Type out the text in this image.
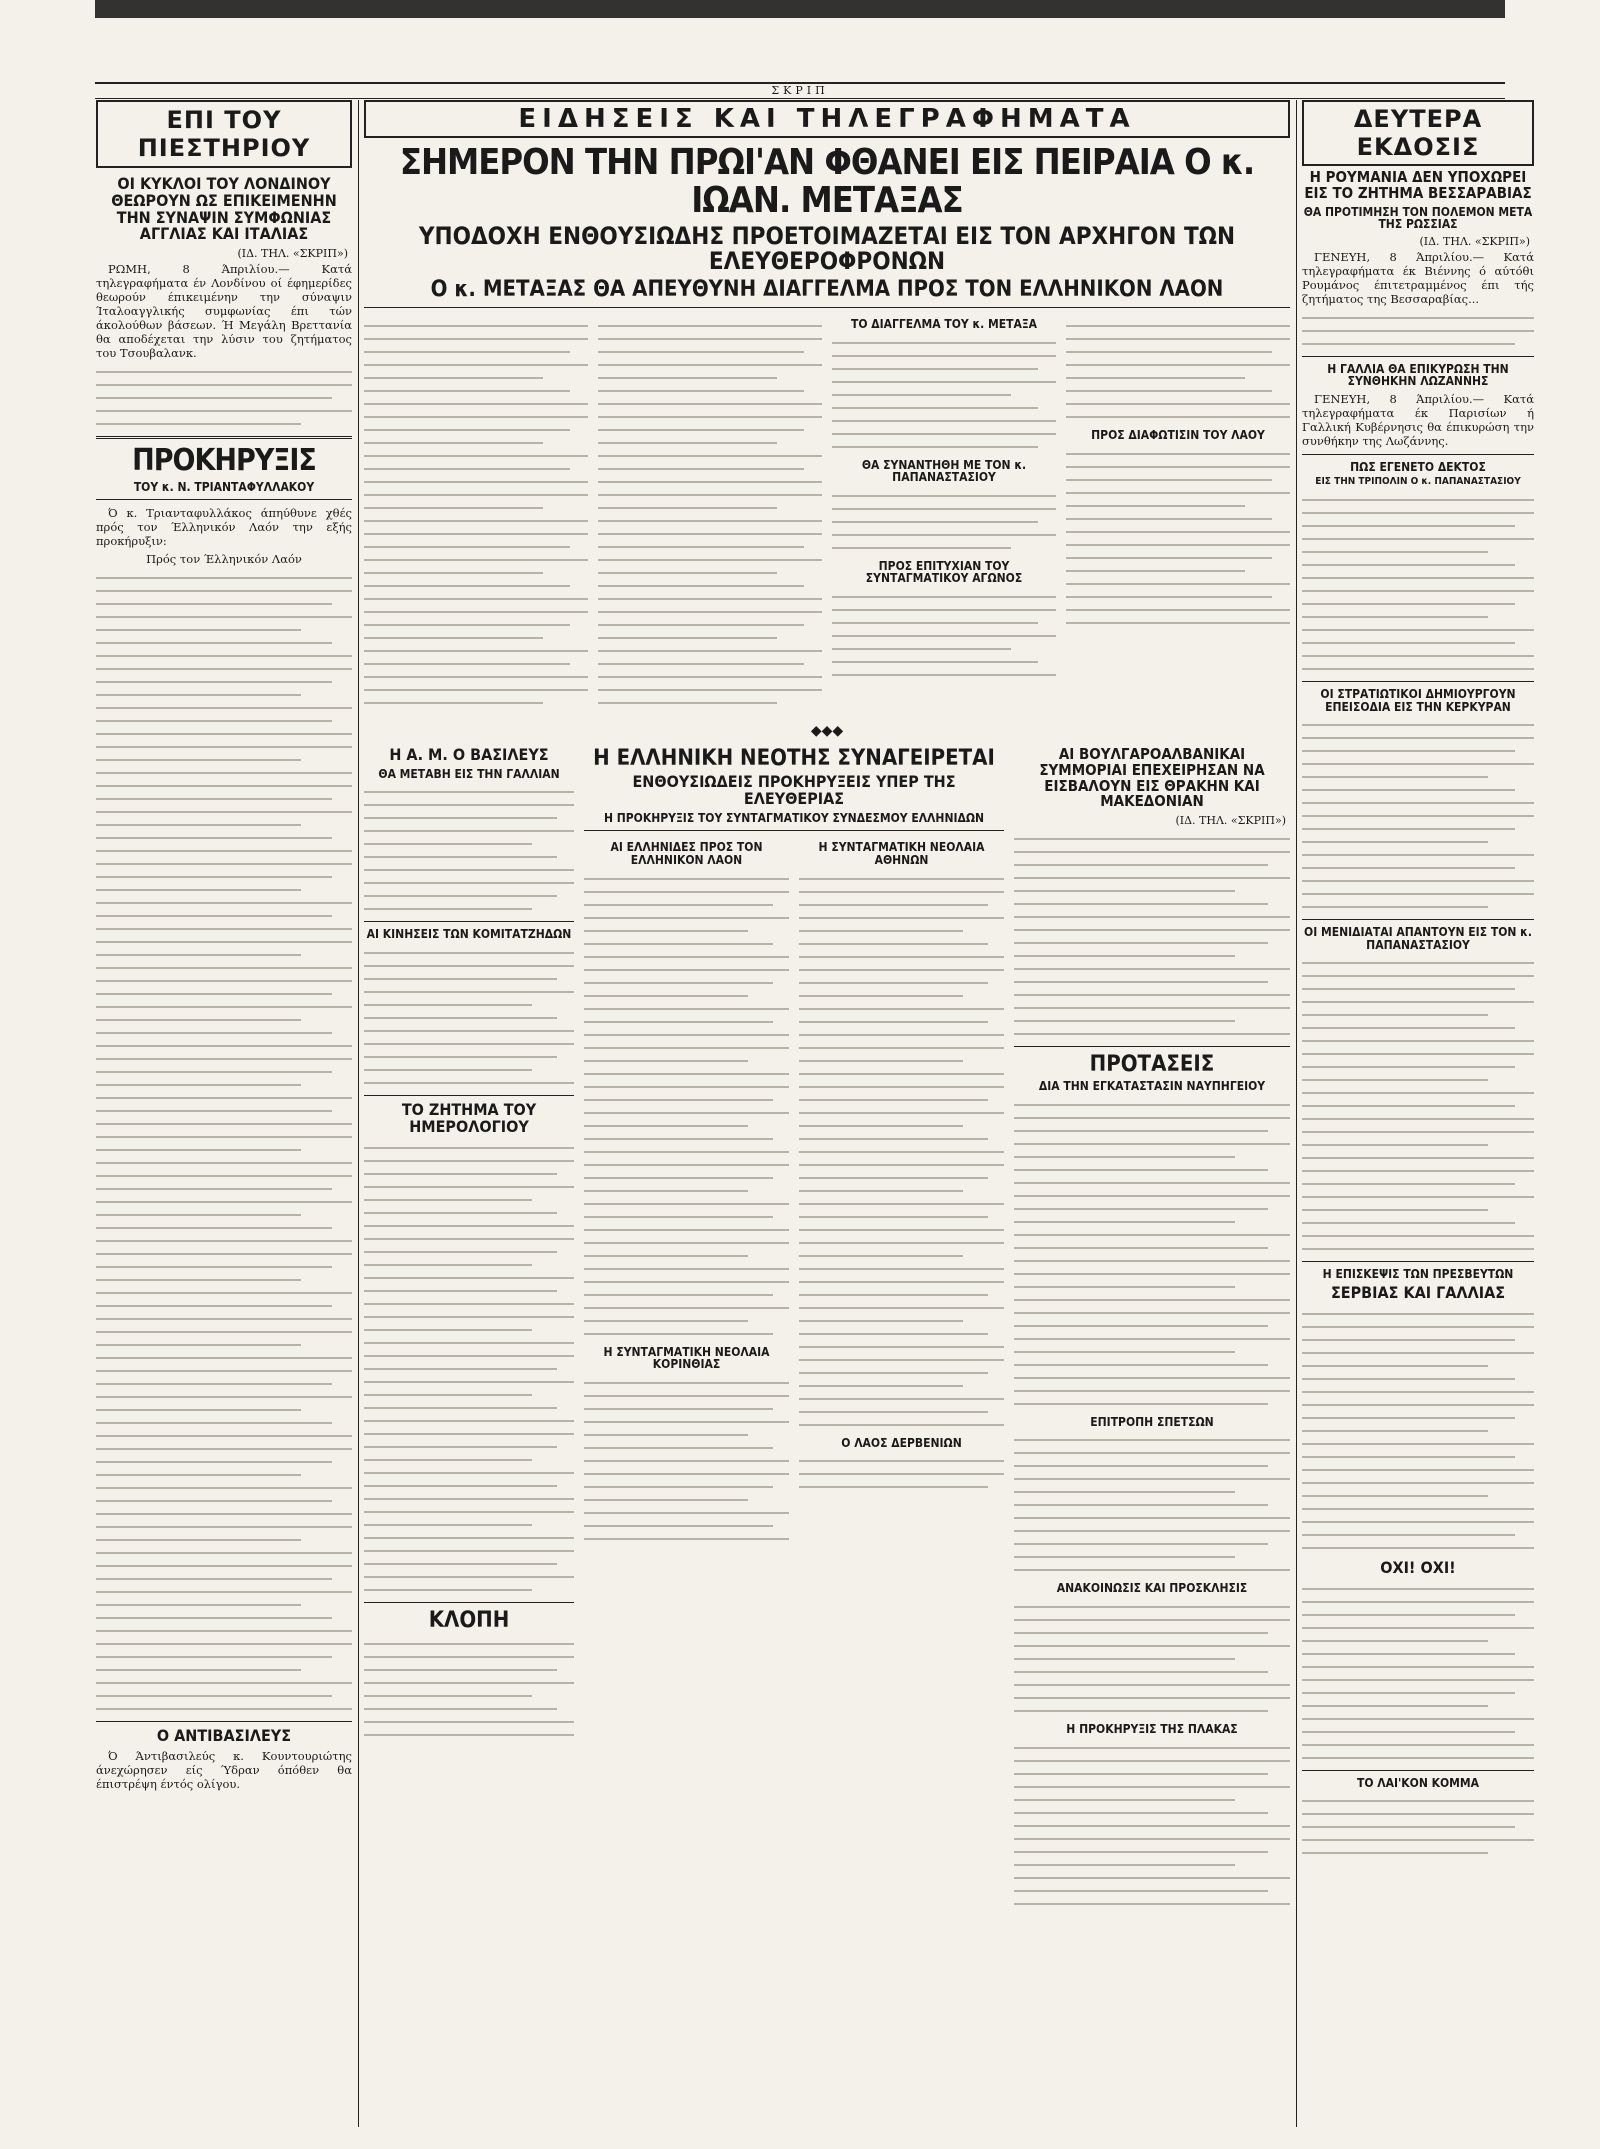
ΣΚΡΙΠ
ΕΠΙ ΤΟΥ ΠΙΕΣΤΗΡΙΟΥ
ΟΙ ΚΥΚΛΟΙ ΤΟΥ ΛΟΝΔΙΝΟΥ ΘΕΩΡΟΥΝ ΩΣ ΕΠΙΚΕΙΜΕΝΗΝ ΤΗΝ ΣΥΝΑΨΙΝ ΣΥΜΦΩΝΙΑΣ ΑΓΓΛΙΑΣ ΚΑΙ ΙΤΑΛΙΑΣ
(ΙΔ. ΤΗΛ. «ΣΚΡΙΠ»)

ΡΩΜΗ, 8 Άπριλίου.— Κατά τηλεγραφήματα έν Λονδίνου οί έφημερίδες θεωρούν έπικειμένην την σύναψιν Ίταλοαγγλικής συμφωνίας έπι τών άκολούθων βάσεων. Ή Μεγάλη Βρεττανία θα αποδέχεται την λύσιν του ζητήματος του Τσουβαλανκ.

ΠΡΟΚΗΡΥΞΙΣ
ΤΟΥ κ. Ν. ΤΡΙΑΝΤΑΦΥΛΛΑΚΟΥ

Ό κ. Τριανταφυλλάκος άπηύθυνε χθές πρός τον Έλληνικόν Λαόν την εξής προκήρυξιν:

Πρός τον Έλληνικόν Λαόν

Ο ΑΝΤΙΒΑΣΙΛΕΥΣ

Ό Άντιβασιλεύς κ. Κουντουριώτης άνεχώρησεν είς Ύδραν όπόθεν θα έπιστρέψη έντός ολίγου.

ΕΙΔΗΣΕΙΣ ΚΑΙ ΤΗΛΕΓΡΑΦΗΜΑΤΑ
ΣΗΜΕΡΟΝ ΤΗΝ ΠΡΩΙ'ΑΝ ΦΘΑΝΕΙ ΕΙΣ ΠΕΙΡΑΙΑ Ο κ. ΙΩΑΝ. ΜΕΤΑΞΑΣ
ΥΠΟΔΟΧΗ ΕΝΘΟΥΣΙΩΔΗΣ ΠΡΟΕΤΟΙΜΑΖΕΤΑΙ ΕΙΣ ΤΟΝ ΑΡΧΗΓΟΝ ΤΩΝ ΕΛΕΥΘΕΡΟΦΡΟΝΩΝ
Ο κ. ΜΕΤΑΞΑΣ ΘΑ ΑΠΕΥΘΥΝΗ ΔΙΑΓΓΕΛΜΑ ΠΡΟΣ ΤΟΝ ΕΛΛΗΝΙΚΟΝ ΛΑΟΝ
ΤΟ ΔΙΑΓΓΕΛΜΑ ΤΟΥ κ. ΜΕΤΑΞΑ
ΘΑ ΣΥΝΑΝΤΗΘΗ ΜΕ ΤΟΝ κ. ΠΑΠΑΝΑΣΤΑΣΙΟΥ
ΠΡΟΣ ΕΠΙΤΥΧΙΑΝ ΤΟΥ ΣΥΝΤΑΓΜΑΤΙΚΟΥ ΑΓΩΝΟΣ
ΠΡΟΣ ΔΙΑΦΩΤΙΣΙΝ ΤΟΥ ΛΑΟΥ
◆◆◆
Η Α. Μ. Ο ΒΑΣΙΛΕΥΣ
ΘΑ ΜΕΤΑΒΗ ΕΙΣ ΤΗΝ ΓΑΛΛΙΑΝ
ΑΙ ΚΙΝΗΣΕΙΣ ΤΩΝ ΚΟΜΙΤΑΤΖΗΔΩΝ
ΤΟ ΖΗΤΗΜΑ ΤΟΥ ΗΜΕΡΟΛΟΓΙΟΥ
ΚΛΟΠΗ
Η ΕΛΛΗΝΙΚΗ ΝΕΟΤΗΣ ΣΥΝΑΓΕΙΡΕΤΑΙ
ΕΝΘΟΥΣΙΩΔΕΙΣ ΠΡΟΚΗΡΥΞΕΙΣ ΥΠΕΡ ΤΗΣ ΕΛΕΥΘΕΡΙΑΣ
Η ΠΡΟΚΗΡΥΞΙΣ ΤΟΥ ΣΥΝΤΑΓΜΑΤΙΚΟΥ ΣΥΝΔΕΣΜΟΥ ΕΛΛΗΝΙΔΩΝ
ΑΙ ΕΛΛΗΝΙΔΕΣ ΠΡΟΣ ΤΟΝ ΕΛΛΗΝΙΚΟΝ ΛΑΟΝ
Η ΣΥΝΤΑΓΜΑΤΙΚΗ ΝΕΟΛΑΙΑ ΚΟΡΙΝΘΙΑΣ
Η ΣΥΝΤΑΓΜΑΤΙΚΗ ΝΕΟΛΑΙΑ ΑΘΗΝΩΝ
Ο ΛΑΟΣ ΔΕΡΒΕΝΙΩΝ
ΑΙ ΒΟΥΛΓΑΡΟΑΛΒΑΝΙΚΑΙ ΣΥΜΜΟΡΙΑΙ ΕΠΕΧΕΙΡΗΣΑΝ ΝΑ ΕΙΣΒΑΛΟΥΝ ΕΙΣ ΘΡΑΚΗΝ ΚΑΙ ΜΑΚΕΔΟΝΙΑΝ
(ΙΔ. ΤΗΛ. «ΣΚΡΙΠ»)
ΠΡΟΤΑΣΕΙΣ
ΔΙΑ ΤΗΝ ΕΓΚΑΤΑΣΤΑΣΙΝ ΝΑΥΠΗΓΕΙΟΥ
ΕΠΙΤΡΟΠΗ ΣΠΕΤΣΩΝ
ΑΝΑΚΟΙΝΩΣΙΣ ΚΑΙ ΠΡΟΣΚΛΗΣΙΣ
Η ΠΡΟΚΗΡΥΞΙΣ ΤΗΣ ΠΛΑΚΑΣ
ΔΕΥΤΕΡΑ ΕΚΔΟΣΙΣ
Η ΡΟΥΜΑΝΙΑ ΔΕΝ ΥΠΟΧΩΡΕΙ ΕΙΣ ΤΟ ΖΗΤΗΜΑ ΒΕΣΣΑΡΑΒΙΑΣ
ΘΑ ΠΡΟΤΙΜΗΣΗ ΤΟΝ ΠΟΛΕΜΟΝ ΜΕΤΑ ΤΗΣ ΡΩΣΣΙΑΣ
(ΙΔ. ΤΗΛ. «ΣΚΡΙΠ»)

ΓΕΝΕΥΗ, 8 Άπριλίου.— Κατά τηλεγραφήματα έκ Βιέννης ό αύτόθι Ρουμάνος έπιτετραμμένος έπι τής ζητήματος της Βεσσαραβίας...

Η ΓΑΛΛΙΑ ΘΑ ΕΠΙΚΥΡΩΣΗ ΤΗΝ ΣΥΝΘΗΚΗΝ ΛΩΖΑΝΝΗΣ

ΓΕΝΕΥΗ, 8 Άπριλίου.— Κατά τηλεγραφήματα έκ Παρισίων ή Γαλλική Κυβέρνησις θα έπικυρώση την συνθήκην της Λωζάννης.

ΠΩΣ ΕΓΕΝΕΤΟ ΔΕΚΤΟΣ
ΕΙΣ ΤΗΝ ΤΡΙΠΟΛΙΝ Ο κ. ΠΑΠΑΝΑΣΤΑΣΙΟΥ
ΟΙ ΣΤΡΑΤΙΩΤΙΚΟΙ ΔΗΜΙΟΥΡΓΟΥΝ ΕΠΕΙΣΟΔΙΑ ΕΙΣ ΤΗΝ ΚΕΡΚΥΡΑΝ
ΟΙ ΜΕΝΙΔΙΑΤΑΙ ΑΠΑΝΤΟΥΝ ΕΙΣ ΤΟΝ κ. ΠΑΠΑΝΑΣΤΑΣΙΟΥ
Η ΕΠΙΣΚΕΨΙΣ ΤΩΝ ΠΡΕΣΒΕΥΤΩΝ
ΣΕΡΒΙΑΣ ΚΑΙ ΓΑΛΛΙΑΣ
ΟΧΙ! ΟΧΙ!
ΤΟ ΛΑΙ'ΚΟΝ ΚΟΜΜΑ
